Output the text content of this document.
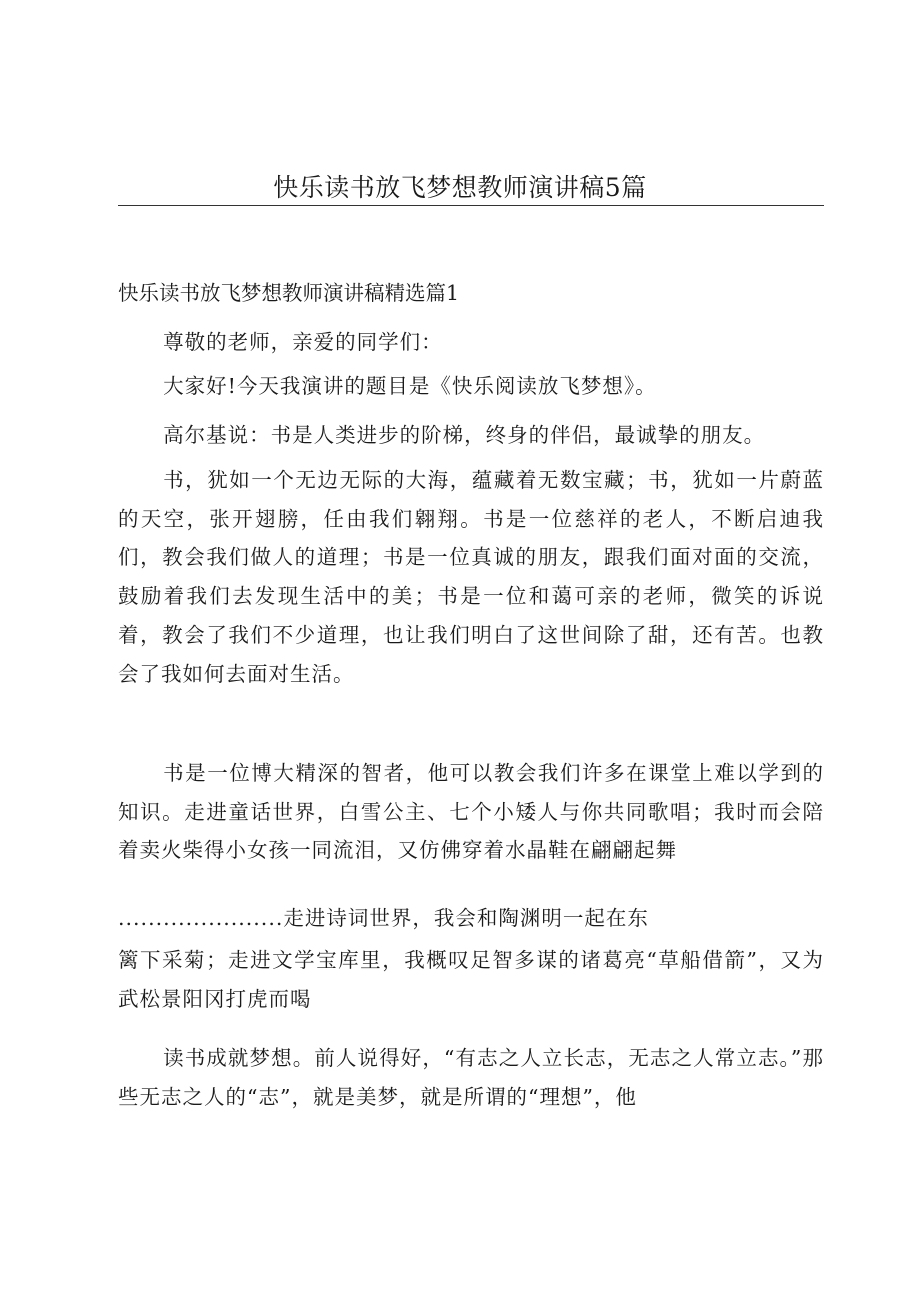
快乐读书放飞梦想教师演讲稿5篇
快乐读书放飞梦想教师演讲稿精选篇1

尊敬的老师，亲爱的同学们：

大家好!今天我演讲的题目是《快乐阅读放飞梦想》。

高尔基说：书是人类进步的阶梯，终身的伴侣，最诚挚的朋友。

书，犹如一个无边无际的大海，蕴藏着无数宝藏；书，犹如一片蔚蓝的天空，张开翅膀，任由我们翱翔。书是一位慈祥的老人，不断启迪我们，教会我们做人的道理；书是一位真诚的朋友，跟我们面对面的交流，鼓励着我们去发现生活中的美；书是一位和蔼可亲的老师，微笑的诉说着，教会了我们不少道理，也让我们明白了这世间除了甜，还有苦。也教会了我如何去面对生活。

书是一位博大精深的智者，他可以教会我们许多在课堂上难以学到的知识。走进童话世界，白雪公主、七个小矮人与你共同歌唱；我时而会陪着卖火柴得小女孩一同流泪，又仿佛穿着水晶鞋在翩翩起舞

......................走进诗词世界，我会和陶渊明一起在东

篱下采菊；走进文学宝库里，我概叹足智多谋的诸葛亮“草船借箭”，又为武松景阳冈打虎而喝

读书成就梦想。前人说得好，“有志之人立长志，无志之人常立志。”那些无志之人的“志”，就是美梦，就是所谓的“理想”，他
